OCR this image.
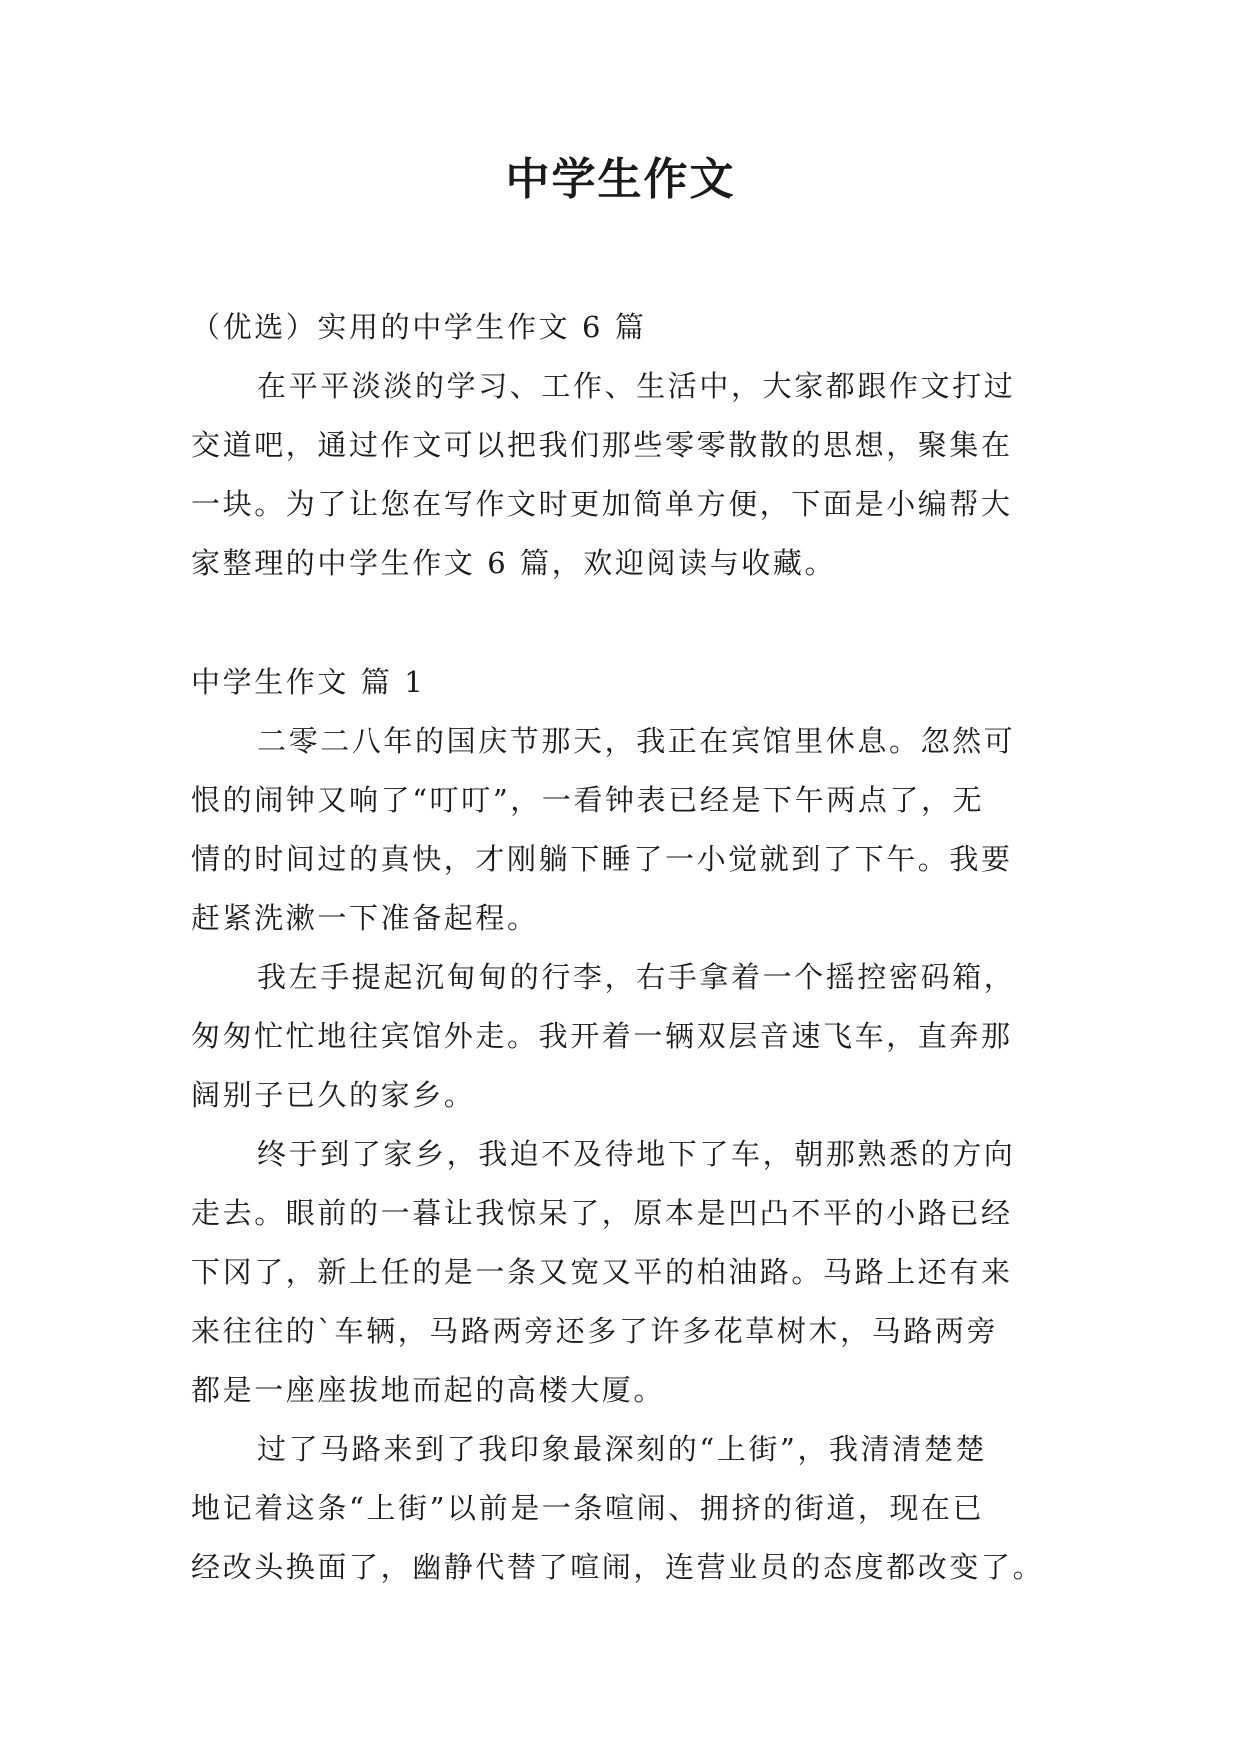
中学生作文
（优选）实用的中学生作文 6 篇
在平平淡淡的学习、工作、生活中，大家都跟作文打过
交道吧，通过作文可以把我们那些零零散散的思想，聚集在
一块。为了让您在写作文时更加简单方便，下面是小编帮大
家整理的中学生作文 6 篇，欢迎阅读与收藏。
中学生作文 篇 1
二零二八年的国庆节那天，我正在宾馆里休息。忽然可
恨的闹钟又响了“叮叮”，一看钟表已经是下午两点了，无
情的时间过的真快，才刚躺下睡了一小觉就到了下午。我要
赶紧洗漱一下准备起程。
我左手提起沉甸甸的行李，右手拿着一个摇控密码箱，
匆匆忙忙地往宾馆外走。我开着一辆双层音速飞车，直奔那
阔别子已久的家乡。
终于到了家乡，我迫不及待地下了车，朝那熟悉的方向
走去。眼前的一暮让我惊呆了，原本是凹凸不平的小路已经
下冈了，新上任的是一条又宽又平的柏油路。马路上还有来
来往往的`车辆，马路两旁还多了许多花草树木，马路两旁
都是一座座拔地而起的高楼大厦。
过了马路来到了我印象最深刻的“上街”，我清清楚楚
地记着这条“上街”以前是一条喧闹、拥挤的街道，现在已
经改头换面了，幽静代替了喧闹，连营业员的态度都改变了。
